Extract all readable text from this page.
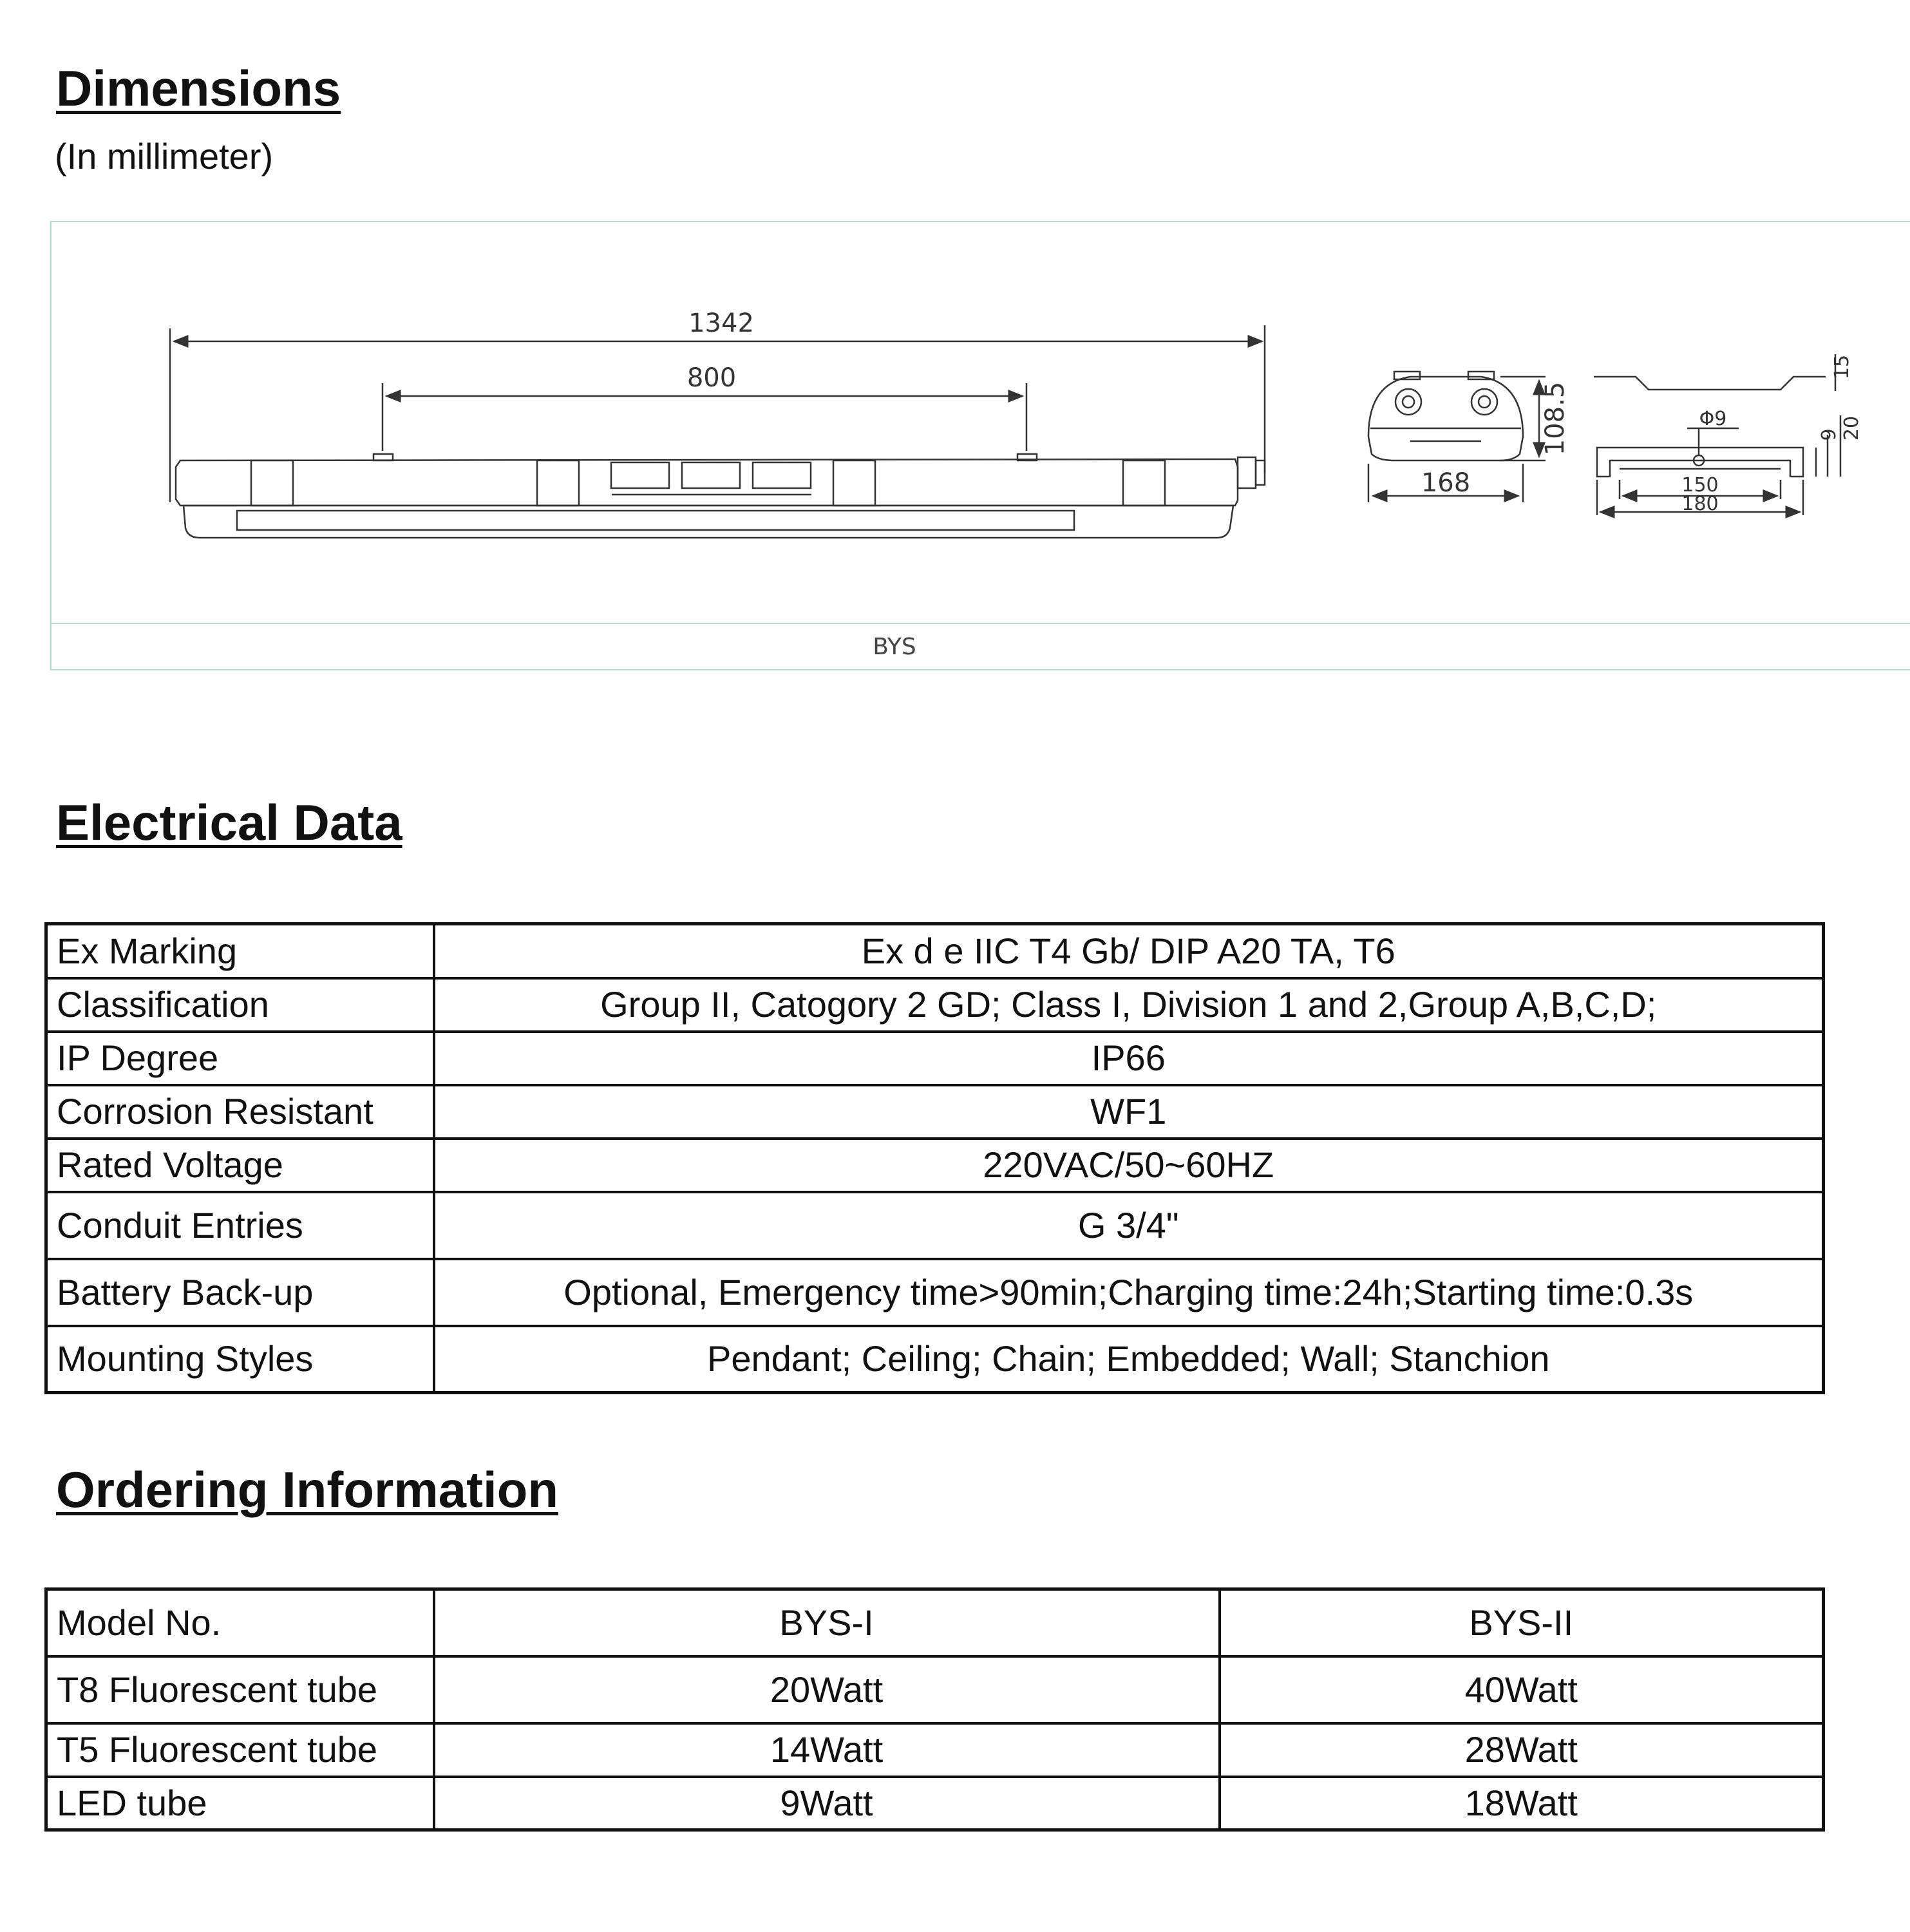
Dimensions
(In millimeter)
1342
800
168
108.5	Φ9
150
180
15
20
9
BYS
Electrical Data
Ex Marking	Ex d e IIC T4 Gb/ DIP A20 TA, T6
Classification	Group II, Catogory 2 GD; Class I, Division 1 and 2,Group A,B,C,D;
IP Degree	IP66
Corrosion Resistant	WF1
Rated Voltage	220VAC/50~60HZ
Conduit Entries	G 3/4"
Battery Back-up	Optional, Emergency time>90min;Charging time:24h;Starting time:0.3s
Mounting Styles	Pendant; Ceiling; Chain; Embedded; Wall; Stanchion
Ordering Information
Model No.	BYS-I	BYS-II
T8 Fluorescent tube	20Watt	40Watt
T5 Fluorescent tube	14Watt	28Watt
LED tube	9Watt	18Watt
